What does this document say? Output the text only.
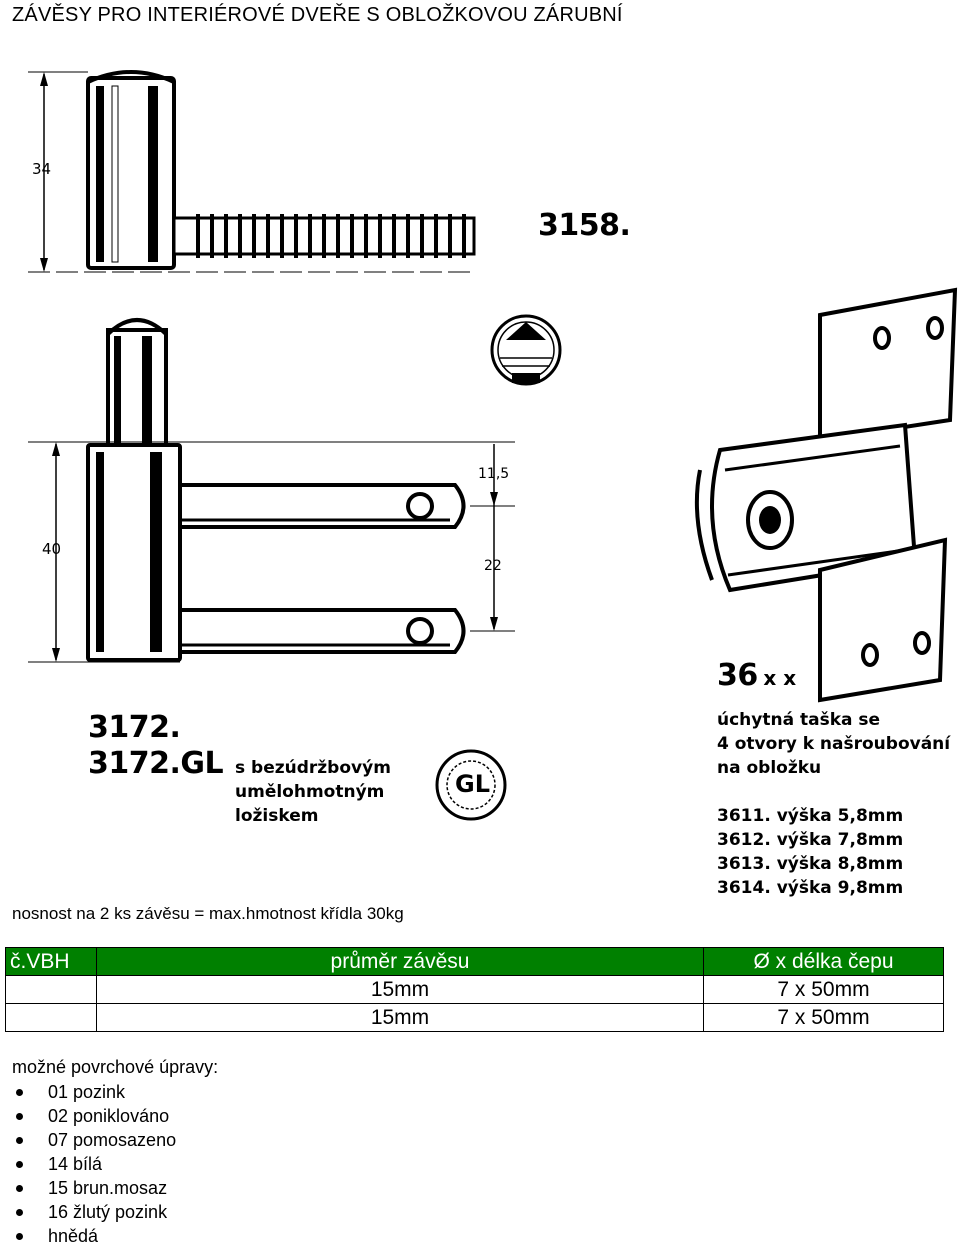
ZÁVĚSY PRO INTERIÉROVÉ DVEŘE S OBLOŽKOVOU ZÁRUBNÍ
3158.
34
40
11,5
22
RAL
GL
3172.
3172.GL s bezúdržbovým
umělohmotným
ložiskem
36 x x
úchytná taška se
4 otvory k našroubování
na obložku
3611. výška 5,8mm
3612. výška 7,8mm
3613. výška 8,8mm
3614. výška 9,8mm
nosnost na 2 ks závěsu = max.hmotnost křídla 30kg
č.VBH	průměr závěsu	Ø x délka čepu
	15mm	7 x 50mm
	15mm	7 x 50mm
možné povrchové úpravy:
01 pozink
02 poniklováno
07 pomosazeno
14 bílá
15 brun.mosaz
16 žlutý pozink
hnědá
